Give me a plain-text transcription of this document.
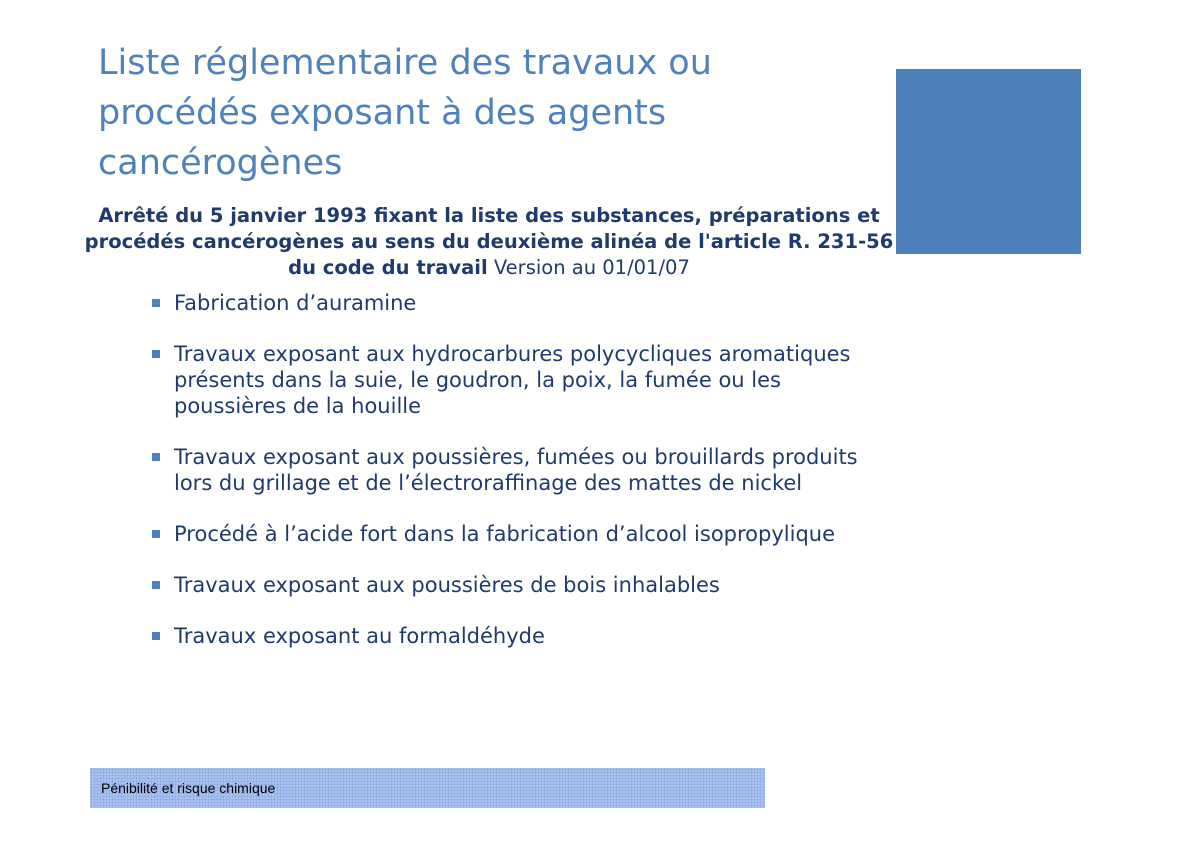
Liste réglementaire des travaux ou procédés exposant à des agents cancérogènes

Arrêté du 5 janvier 1993 fixant la liste des substances, préparations et procédés cancérogènes au sens du deuxième alinéa de l'article R. 231-56 du code du travail Version au 01/01/07

Fabrication d’auramine
Travaux exposant aux hydrocarbures polycycliques aromatiques présents dans la suie, le goudron, la poix, la fumée ou les poussières de la houille
Travaux exposant aux poussières, fumées ou brouillards produits lors du grillage et de l’électroraffinage des mattes de nickel
Procédé à l’acide fort dans la fabrication d’alcool isopropylique
Travaux exposant aux poussières de bois inhalables
Travaux exposant au formaldéhyde
Pénibilité et risque chimique
